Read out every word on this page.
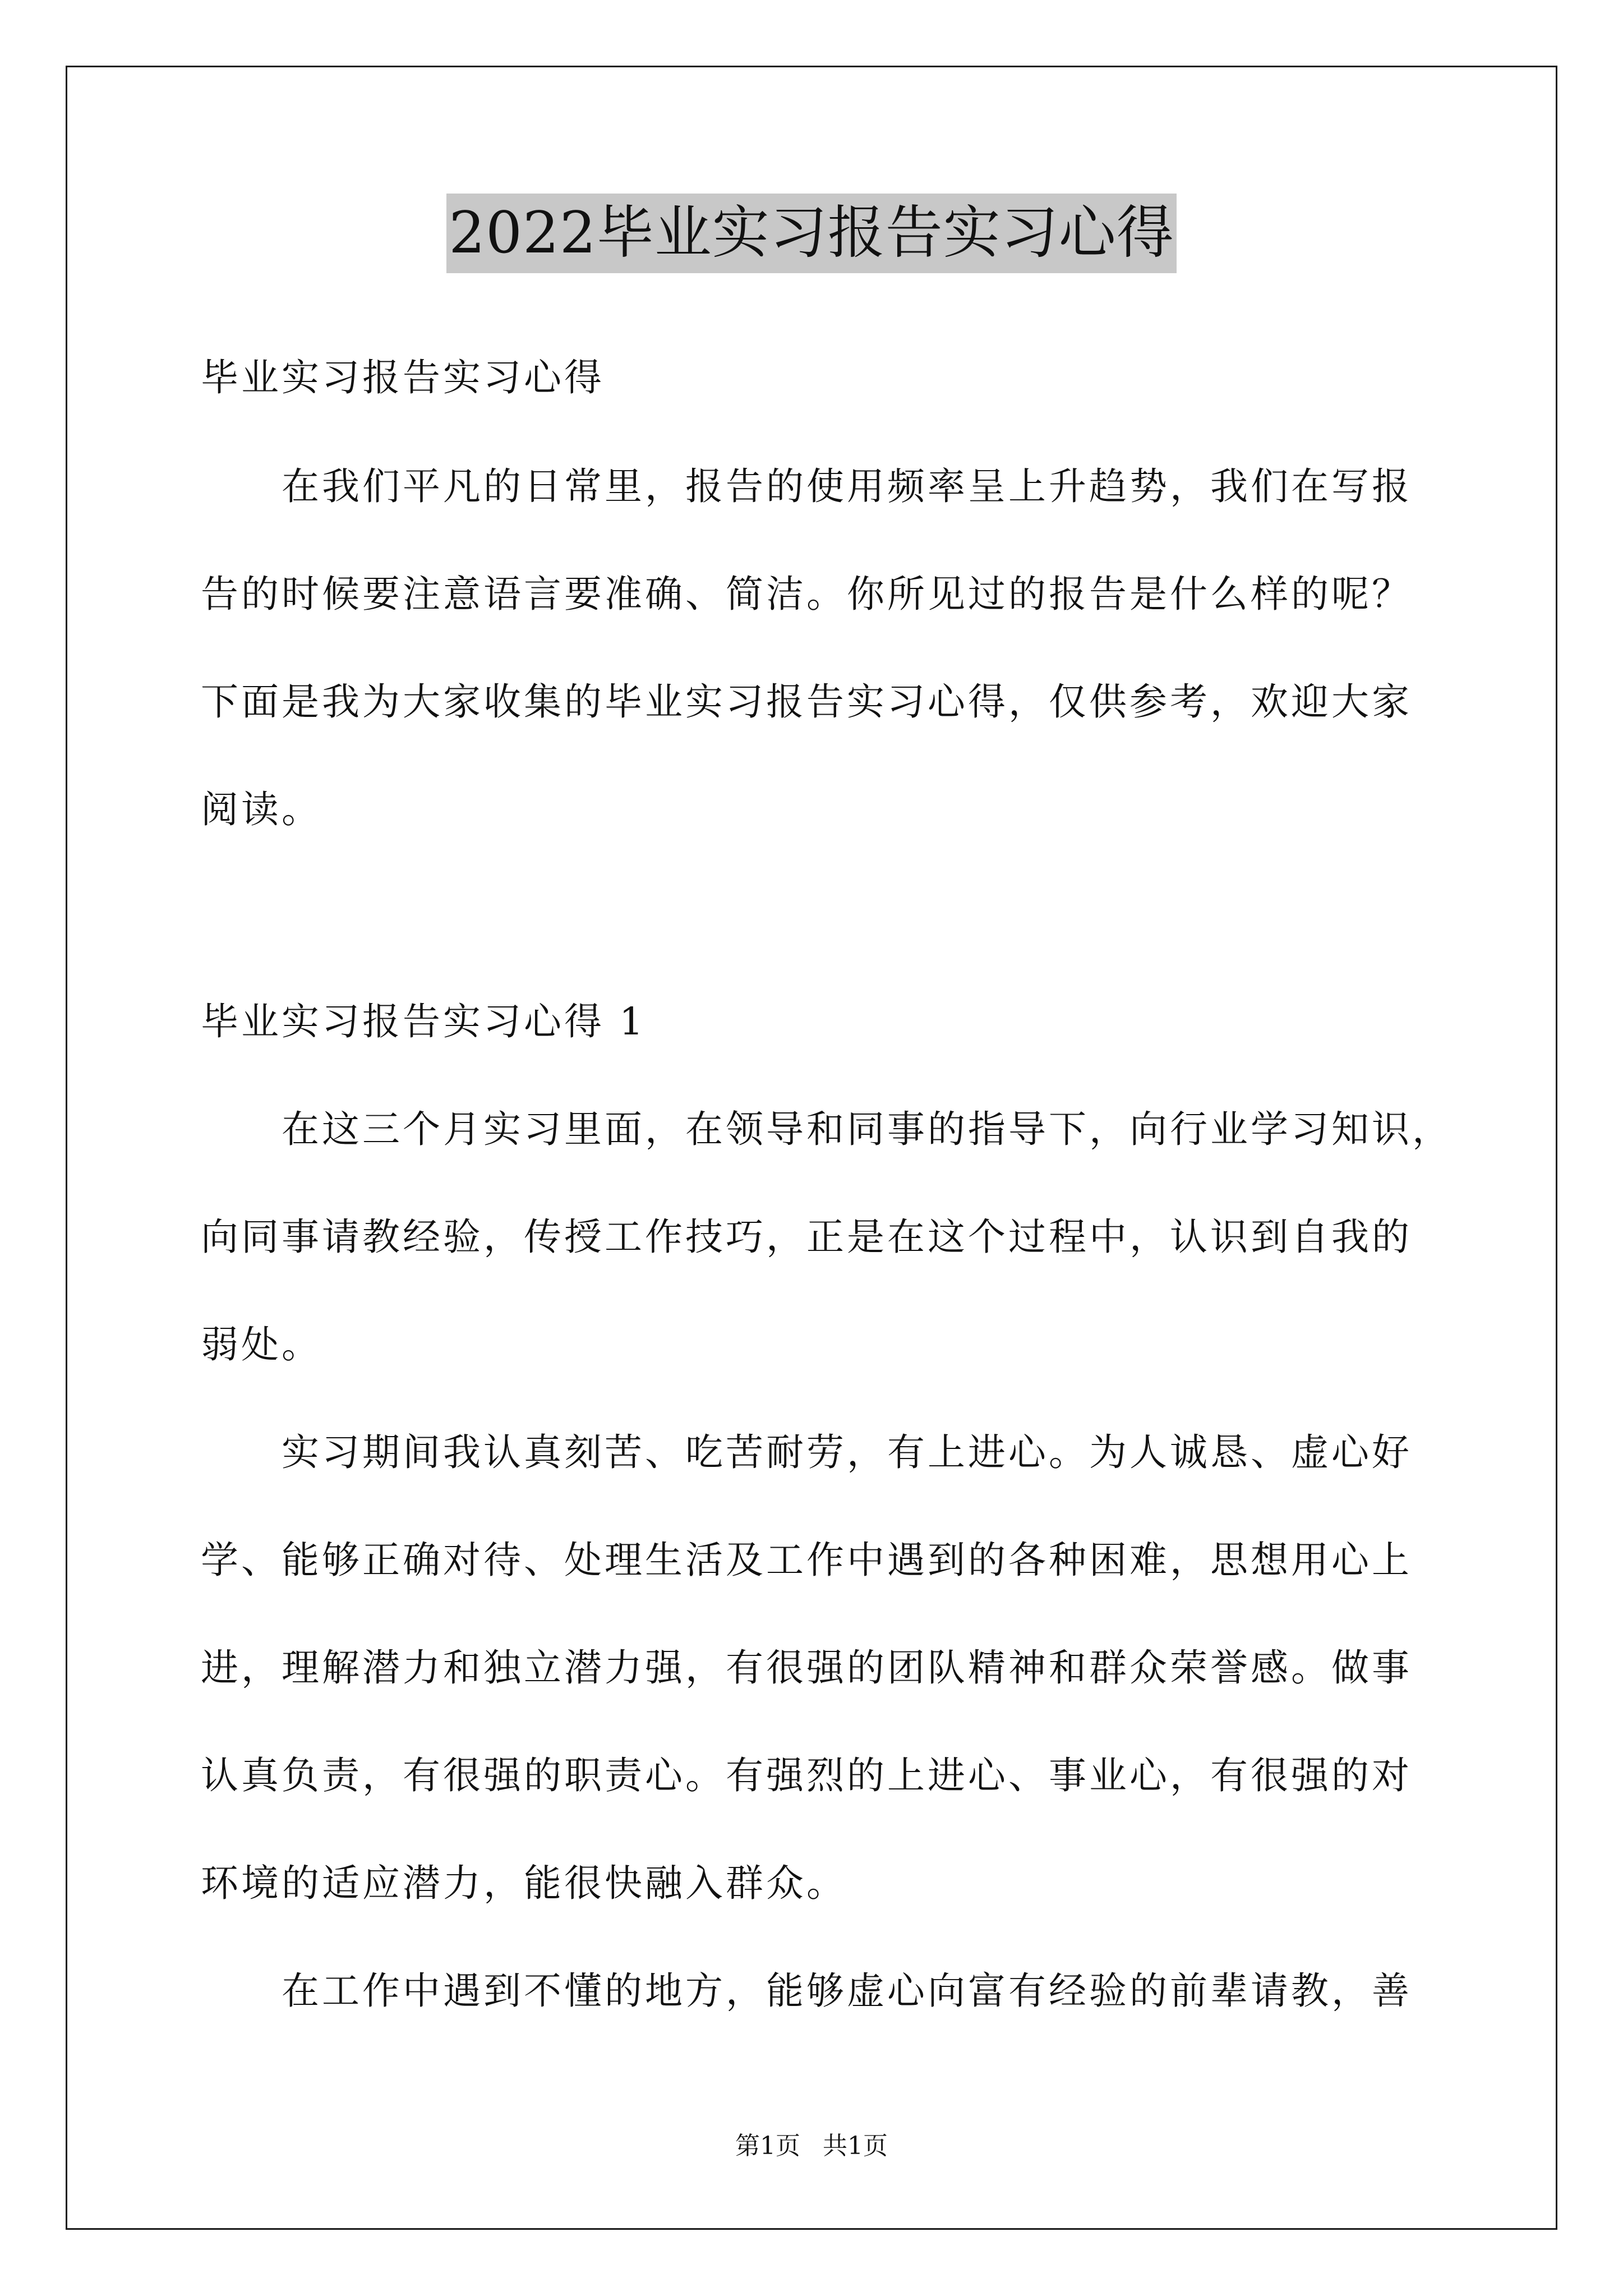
2022毕业实习报告实习心得
毕业实习报告实习心得
在我们平凡的日常里，报告的使用频率呈上升趋势，我们在写报
告的时候要注意语言要准确、简洁。你所见过的报告是什么样的呢？
下面是我为大家收集的毕业实习报告实习心得，仅供参考，欢迎大家
阅读。
毕业实习报告实习心得 1
在这三个月实习里面，在领导和同事的指导下，向行业学习知识，
向同事请教经验，传授工作技巧，正是在这个过程中，认识到自我的
弱处。
实习期间我认真刻苦、吃苦耐劳，有上进心。为人诚恳、虚心好
学、能够正确对待、处理生活及工作中遇到的各种困难，思想用心上
进，理解潜力和独立潜力强，有很强的团队精神和群众荣誉感。做事
认真负责，有很强的职责心。有强烈的上进心、事业心，有很强的对
环境的适应潜力，能很快融入群众。
在工作中遇到不懂的地方，能够虚心向富有经验的前辈请教，善
第1页 共1页
